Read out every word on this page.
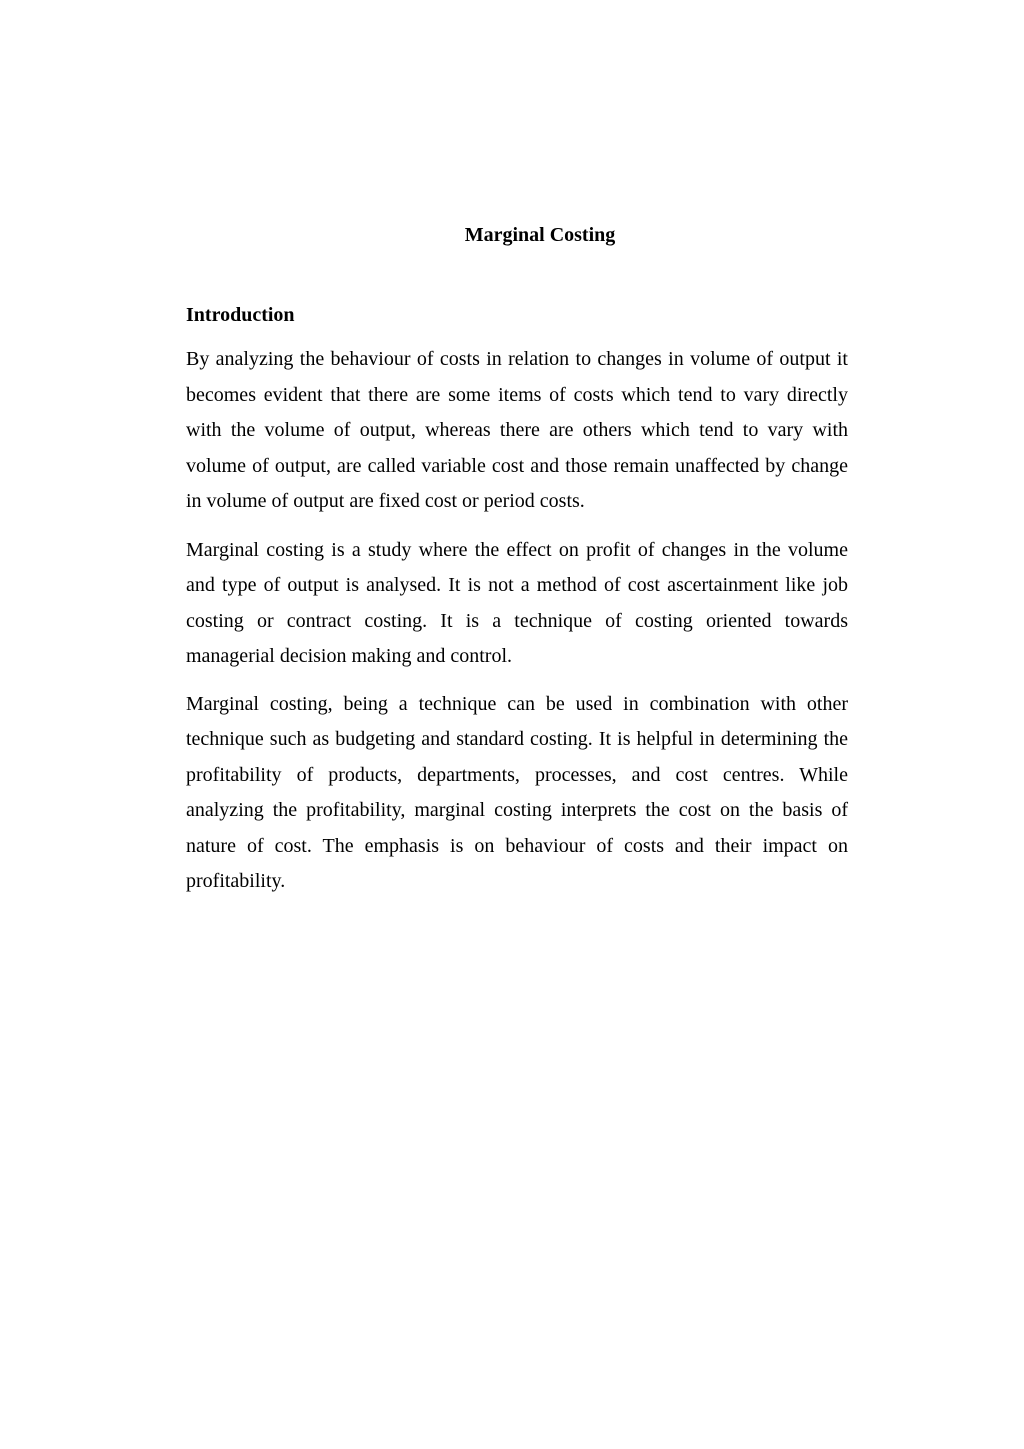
Marginal Costing
Introduction

By analyzing the behaviour of costs in relation to changes in volume of output it becomes evident that there are some items of costs which tend to vary directly with the volume of output, whereas there are others which tend to vary with volume of output, are called variable cost and those remain unaffected by change in volume of output are fixed cost or period costs.

Marginal costing is a study where the effect on profit of changes in the volume and type of output is analysed. It is not a method of cost ascertainment like job costing or contract costing. It is a technique of costing oriented towards managerial decision making and control.

Marginal costing, being a technique can be used in combination with other technique such as budgeting and standard costing. It is helpful in determining the profitability of products, departments, processes, and cost centres. While analyzing the profitability, marginal costing interprets the cost on the basis of nature of cost. The emphasis is on behaviour of costs and their impact on profitability.
